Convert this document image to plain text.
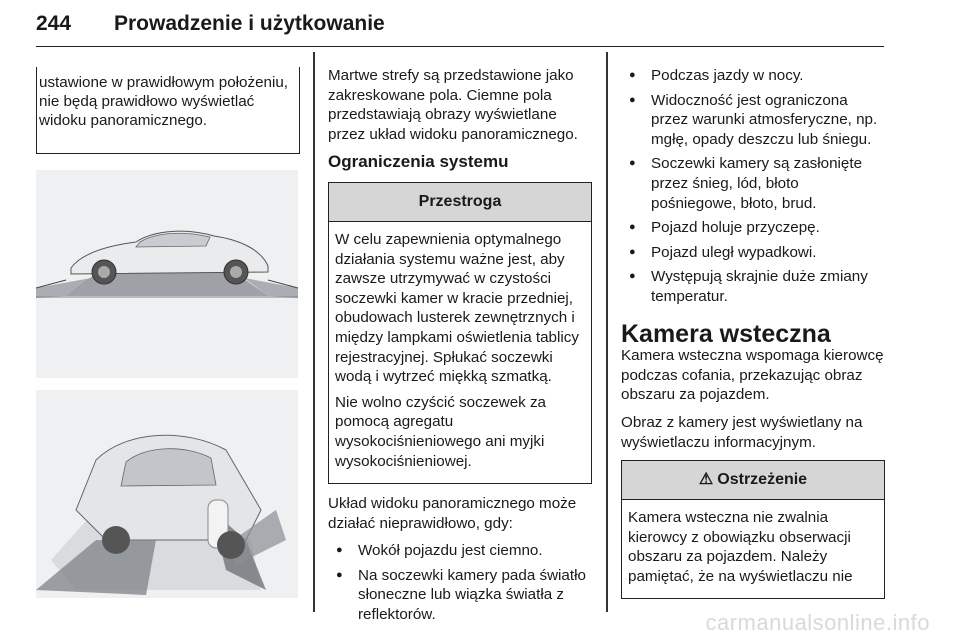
244 Prowadzenie i użytkowanie

ustawione w prawidłowym położeniu, nie będą prawidłowo wyświetlać widoku panoramicznego.

Martwe strefy są przedstawione jako zakreskowane pola. Ciemne pola przedstawiają obrazy wyświetlane przez układ widoku panoramicznego.

Ograniczenia systemu
Przestroga

W celu zapewnienia optymalnego działania systemu ważne jest, aby zawsze utrzymywać w czystości soczewki kamer w kracie przedniej, obudowach lusterek zewnętrznych i między lampkami oświetlenia tablicy rejestracyjnej. Spłukać soczewki wodą i wytrzeć miękką szmatką.

Nie wolno czyścić soczewek za pomocą agregatu wysokociśnieniowego ani myjki wysokociśnieniowej.

Układ widoku panoramicznego może działać nieprawidłowo, gdy:

● Wokół pojazdu jest ciemno.
● Na soczewki kamery pada światło słoneczne lub wiązka światła z reflektorów.
● Podczas jazdy w nocy.
● Widoczność jest ograniczona przez warunki atmosferyczne, np. mgłę, opady deszczu lub śniegu.
● Soczewki kamery są zasłonięte przez śnieg, lód, błoto pośniegowe, błoto, brud.
● Pojazd holuje przyczepę.
● Pojazd uległ wypadkowi.
● Występują skrajnie duże zmiany temperatur.
Kamera wsteczna

Kamera wsteczna wspomaga kierowcę podczas cofania, przekazując obraz obszaru za pojazdem.

Obraz z kamery jest wyświetlany na wyświetlaczu informacyjnym.

⚠ Ostrzeżenie

Kamera wsteczna nie zwalnia kierowcy z obowiązku obserwacji obszaru za pojazdem. Należy pamiętać, że na wyświetlaczu nie

carmanualsonline.info
